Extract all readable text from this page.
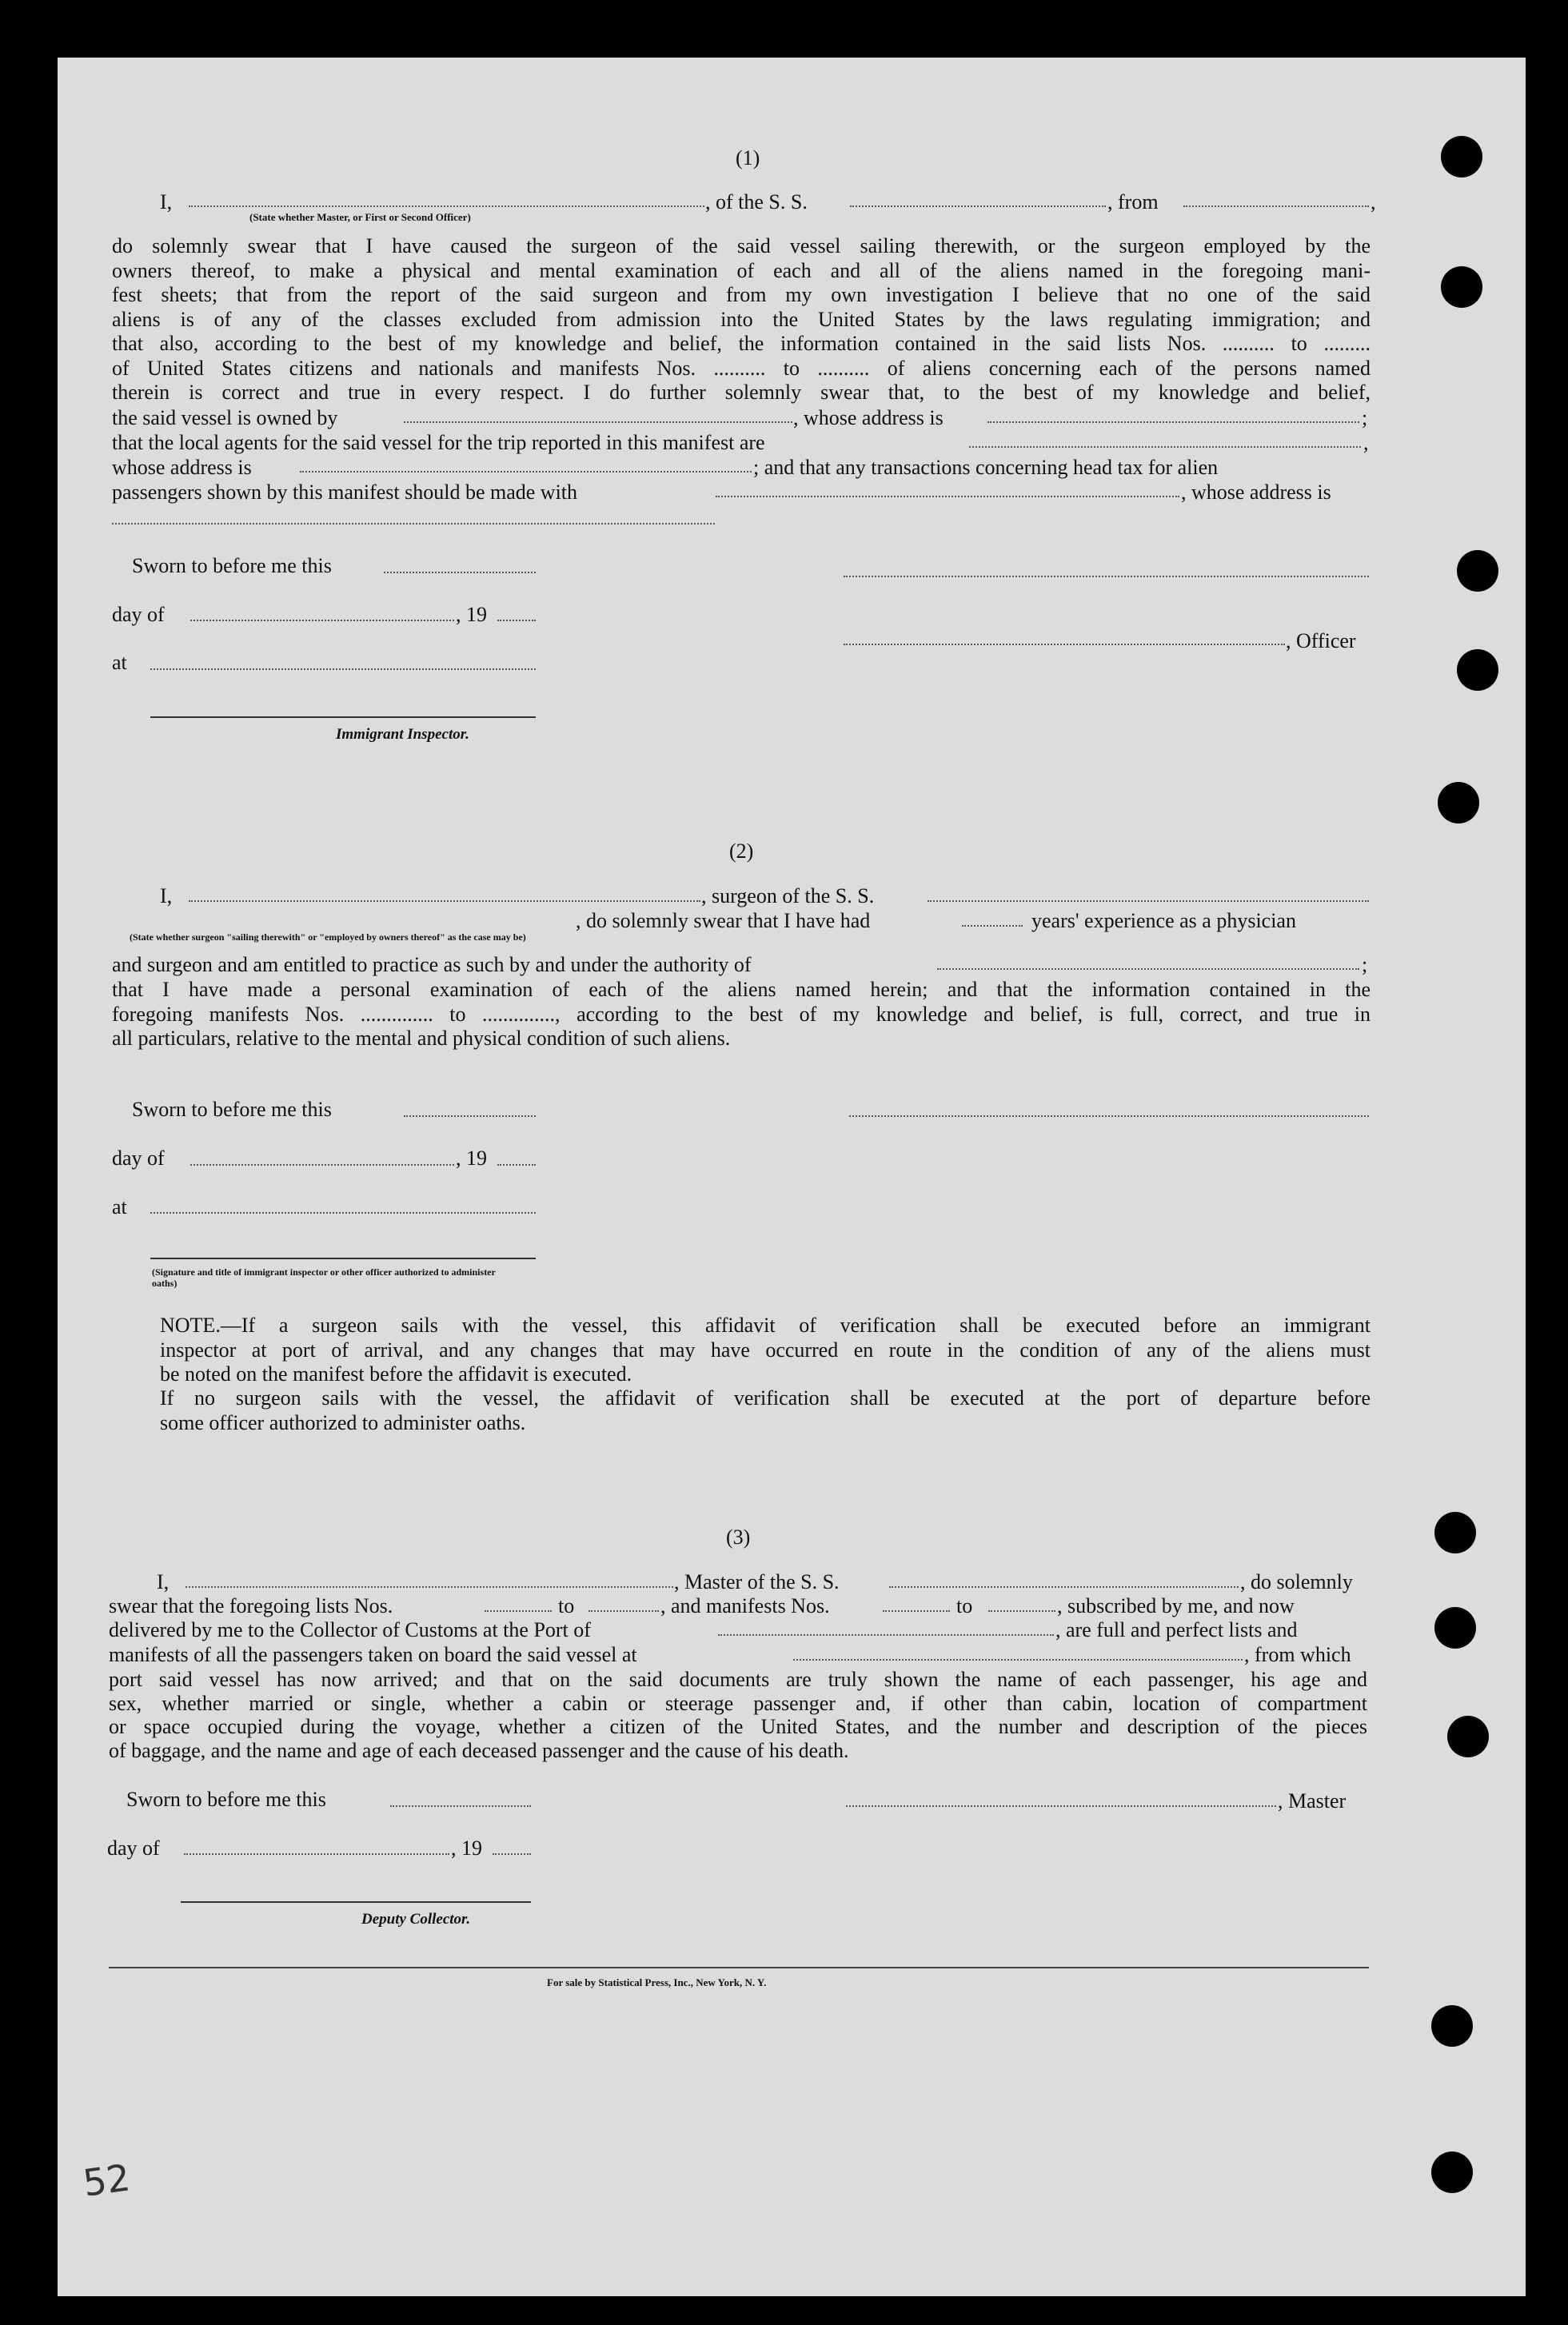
(1)
I,	, of the S. S.	, from	,
(State whether Master, or First or Second Officer)
do solemnly swear that I have caused the surgeon of the said vessel sailing therewith, or the surgeon employed by the
owners thereof, to make a physical and mental examination of each and all of the aliens named in the foregoing mani-
fest sheets; that from the report of the said surgeon and from my own investigation I believe that no one of the said
aliens is of any of the classes excluded from admission into the United States by the laws regulating immigration; and
that also, according to the best of my knowledge and belief, the information contained in the said lists Nos. .......... to .........
of United States citizens and nationals and manifests Nos. .......... to .......... of aliens concerning each of the persons named
therein is correct and true in every respect. I do further solemnly swear that, to the best of my knowledge and belief,
the said vessel is owned by	, whose address is	;
that the local agents for the said vessel for the trip reported in this manifest are	,
whose address is	; and that any transactions concerning head tax for alien
passengers shown by this manifest should be made with	, whose address is
Sworn to before me this
day of	, 19
, Officer
at
Immigrant Inspector.
(2)
I,	, surgeon of the S. S.
, do solemnly swear that I have had	years' experience as a physician
(State whether surgeon "sailing therewith" or "employed by owners thereof" as the case may be)
and surgeon and am entitled to practice as such by and under the authority of	;
that I have made a personal examination of each of the aliens named herein; and that the information contained in the
foregoing manifests Nos. .............. to .............., according to the best of my knowledge and belief, is full, correct, and true in
all particulars, relative to the mental and physical condition of such aliens.
Sworn to before me this
day of	, 19
at
(Signature and title of immigrant inspector or other officer authorized to administer oaths)
NOTE.—If a surgeon sails with the vessel, this affidavit of verification shall be executed before an immigrant
inspector at port of arrival, and any changes that may have occurred en route in the condition of any of the aliens must
be noted on the manifest before the affidavit is executed.
If no surgeon sails with the vessel, the affidavit of verification shall be executed at the port of departure before
some officer authorized to administer oaths.
(3)
I,	, Master of the S. S.	, do solemnly
swear that the foregoing lists Nos.	to	, and manifests Nos.	to	, subscribed by me, and now
delivered by me to the Collector of Customs at the Port of	, are full and perfect lists and
manifests of all the passengers taken on board the said vessel at	, from which
port said vessel has now arrived; and that on the said documents are truly shown the name of each passenger, his age and
sex, whether married or single, whether a cabin or steerage passenger and, if other than cabin, location of compartment
or space occupied during the voyage, whether a citizen of the United States, and the number and description of the pieces
of baggage, and the name and age of each deceased passenger and the cause of his death.
Sworn to before me this	, Master
day of	, 19
Deputy Collector.
For sale by Statistical Press, Inc., New York, N. Y.
52
